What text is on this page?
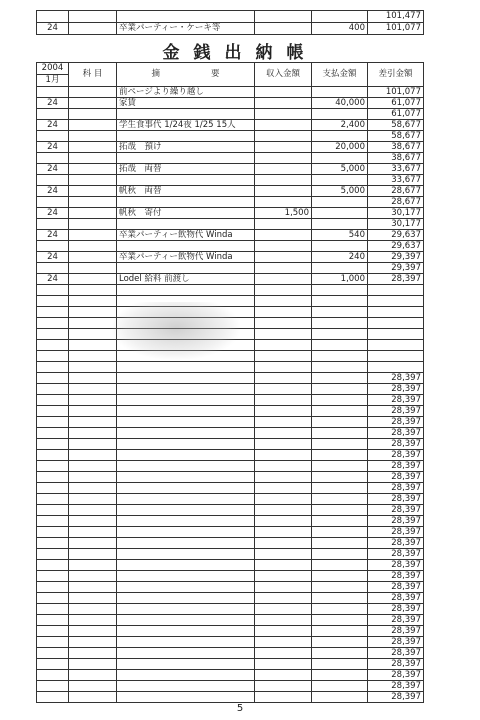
					101,477
24		卒業パーティー・ケーキ等		400	101,077
金銭出納帳
2004	科 目	摘　　　　　　要	収入金額	支払金額	差引金額
1月					
		前ページより繰り越し			101,077
24		家賃		40,000	61,077
					61,077
24		学生食事代 1/24夜 1/25 15人		2,400	58,677
					58,677
24		拓哉　預け		20,000	38,677
					38,677
24		拓哉　両替		5,000	33,677
					33,677
24		帆秋　両替		5,000	28,677
					28,677
24		帆秋　寄付	1,500		30,177
					30,177
24		卒業パーティー飲物代 Winda		540	29,637
					29,637
24		卒業パーティー飲物代 Winda		240	29,397
					29,397
24		Lodel 給料 前渡し		1,000	28,397

					28,397
					28,397
					28,397
					28,397
					28,397
					28,397
					28,397
					28,397
					28,397
					28,397
					28,397
					28,397
					28,397
					28,397
					28,397
					28,397
					28,397
					28,397
					28,397
					28,397
					28,397
					28,397
					28,397
					28,397
					28,397
					28,397
					28,397
					28,397
					28,397
					28,397
5
